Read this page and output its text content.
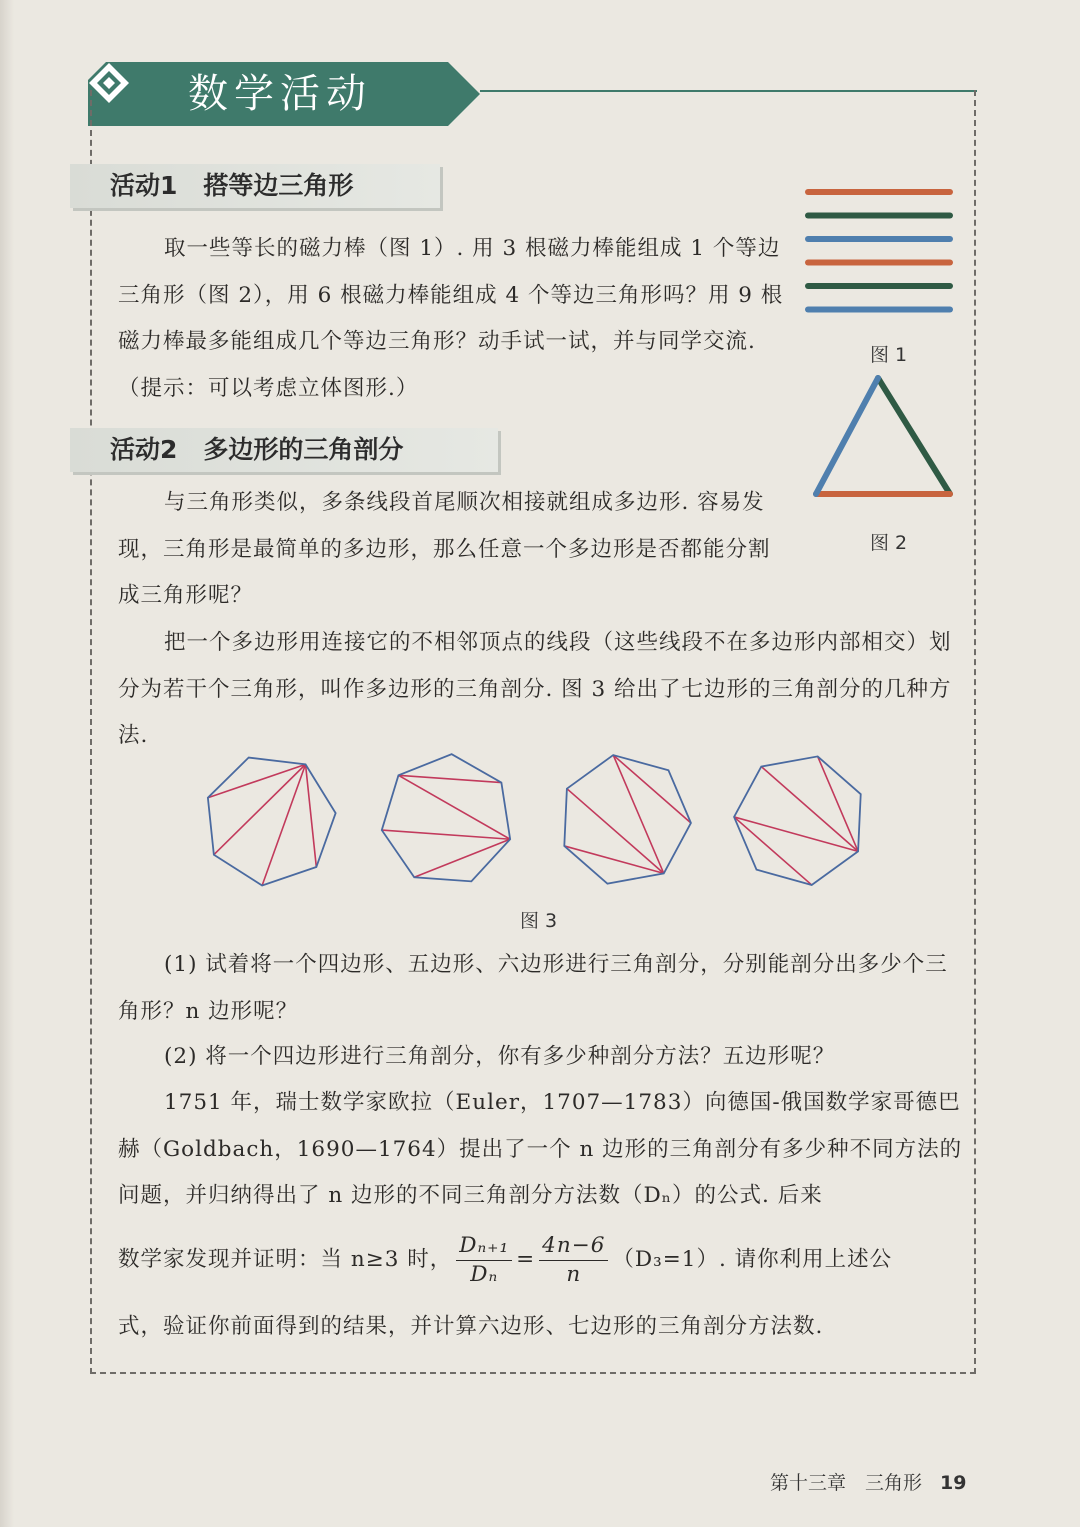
数学活动
活动1 搭等边三角形

取一些等长的磁力棒（图 1）. 用 3 根磁力棒能组成 1 个等边三角形（图 2），用 6 根磁力棒能组成 4 个等边三角形吗？用 9 根磁力棒最多能组成几个等边三角形？动手试一试，并与同学交流.（提示：可以考虑立体图形.）

图 1
图 2
活动2 多边形的三角剖分

与三角形类似，多条线段首尾顺次相接就组成多边形. 容易发现，三角形是最简单的多边形，那么任意一个多边形是否都能分割成三角形呢？

把一个多边形用连接它的不相邻顶点的线段（这些线段不在多边形内部相交）划分为若干个三角形，叫作多边形的三角剖分. 图 3 给出了七边形的三角剖分的几种方法.

图 3

(1) 试着将一个四边形、五边形、六边形进行三角剖分，分别能剖分出多少个三角形？n 边形呢？

(2) 将一个四边形进行三角剖分，你有多少种剖分方法？五边形呢？

1751 年，瑞士数学家欧拉（Euler，1707—1783）向德国-俄国数学家哥德巴赫（Goldbach，1690—1764）提出了一个 n 边形的三角剖分有多少种不同方法的问题，并归纳得出了 n 边形的不同三角剖分方法数（Dₙ）的公式. 后来

数学家发现并证明：当 n≥3 时， $\frac{\text{Dₙ₊₁}}{\text{Dₙ}} = \frac{4n-6}{n} (D_3=1)$. 请你利用上述公

式，验证你前面得到的结果，并计算六边形、七边形的三角剖分方法数.

第十三章　三角形 19
